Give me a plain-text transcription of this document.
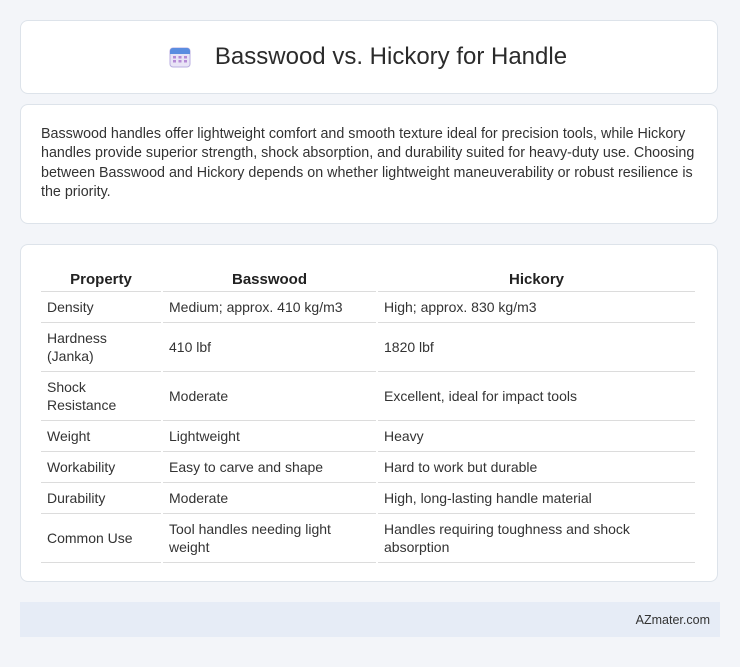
Basswood vs. Hickory for Handle

Basswood handles offer lightweight comfort and smooth texture ideal for precision tools, while Hickory handles provide superior strength, shock absorption, and durability suited for heavy-duty use. Choosing between Basswood and Hickory depends on whether lightweight maneuverability or robust resilience is the priority.

Property	Basswood	Hickory
Density	Medium; approx. 410 kg/m3	High; approx. 830 kg/m3
Hardness (Janka)	410 lbf	1820 lbf
Shock Resistance	Moderate	Excellent, ideal for impact tools
Weight	Lightweight	Heavy
Workability	Easy to carve and shape	Hard to work but durable
Durability	Moderate	High, long-lasting handle material
Common Use	Tool handles needing light weight	Handles requiring toughness and shock absorption
AZmater.com
